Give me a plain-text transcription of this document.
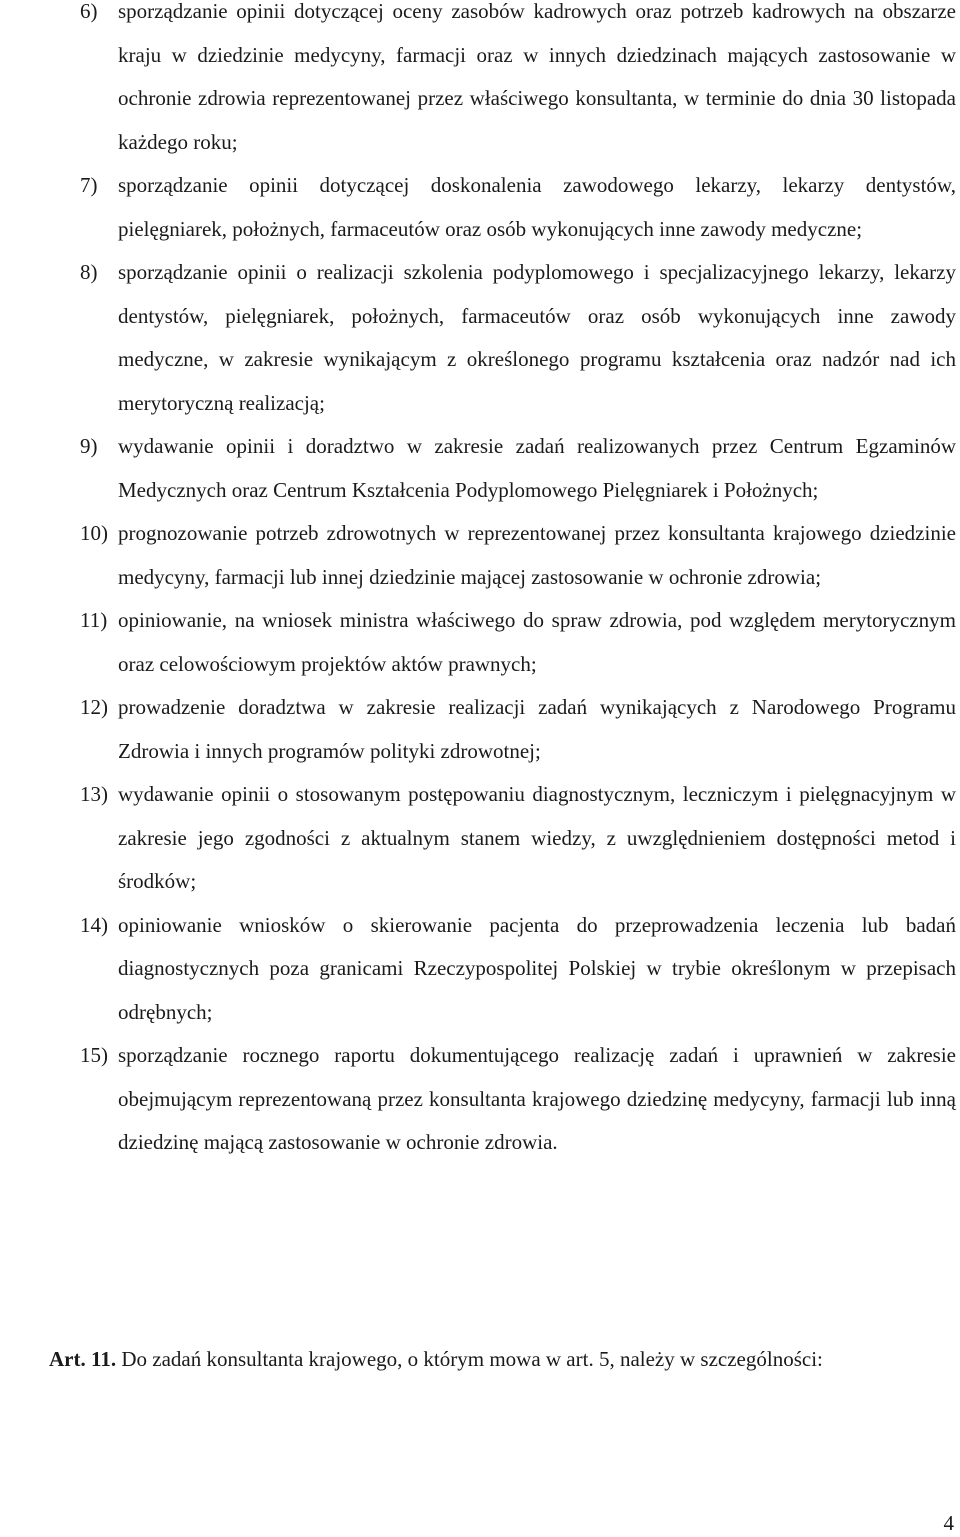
6) sporządzanie opinii dotyczącej oceny zasobów kadrowych oraz potrzeb kadrowych na obszarze kraju w dziedzinie medycyny, farmacji oraz w innych dziedzinach mających zastosowanie w ochronie zdrowia reprezentowanej przez właściwego konsultanta, w terminie do dnia 30 listopada każdego roku;

7) sporządzanie opinii dotyczącej doskonalenia zawodowego lekarzy, lekarzy dentystów, pielęgniarek, położnych, farmaceutów oraz osób wykonujących inne zawody medyczne;

8) sporządzanie opinii o realizacji szkolenia podyplomowego i specjalizacyjnego lekarzy, lekarzy dentystów, pielęgniarek, położnych, farmaceutów oraz osób wykonujących inne zawody medyczne, w zakresie wynikającym z określonego programu kształcenia oraz nadzór nad ich merytoryczną realizacją;

9) wydawanie opinii i doradztwo w zakresie zadań realizowanych przez Centrum Egzaminów Medycznych oraz Centrum Kształcenia Podyplomowego Pielęgniarek i Położnych;

10) prognozowanie potrzeb zdrowotnych w reprezentowanej przez konsultanta krajowego dziedzinie medycyny, farmacji lub innej dziedzinie mającej zastosowanie w ochronie zdrowia;

11) opiniowanie, na wniosek ministra właściwego do spraw zdrowia, pod względem merytorycznym oraz celowościowym projektów aktów prawnych;

12) prowadzenie doradztwa w zakresie realizacji zadań wynikających z Narodowego Programu Zdrowia i innych programów polityki zdrowotnej;

13) wydawanie opinii o stosowanym postępowaniu diagnostycznym, leczniczym i pielęgnacyjnym w zakresie jego zgodności z aktualnym stanem wiedzy, z uwzględnieniem dostępności metod i środków;

14) opiniowanie wniosków o skierowanie pacjenta do przeprowadzenia leczenia lub badań diagnostycznych poza granicami Rzeczypospolitej Polskiej w trybie określonym w przepisach odrębnych;

15) sporządzanie rocznego raportu dokumentującego realizację zadań i uprawnień w zakresie obejmującym reprezentowaną przez konsultanta krajowego dziedzinę medycyny, farmacji lub inną dziedzinę mającą zastosowanie w ochronie zdrowia.

Art. 11. Do zadań konsultanta krajowego, o którym mowa w art. 5, należy w szczególności:

4
